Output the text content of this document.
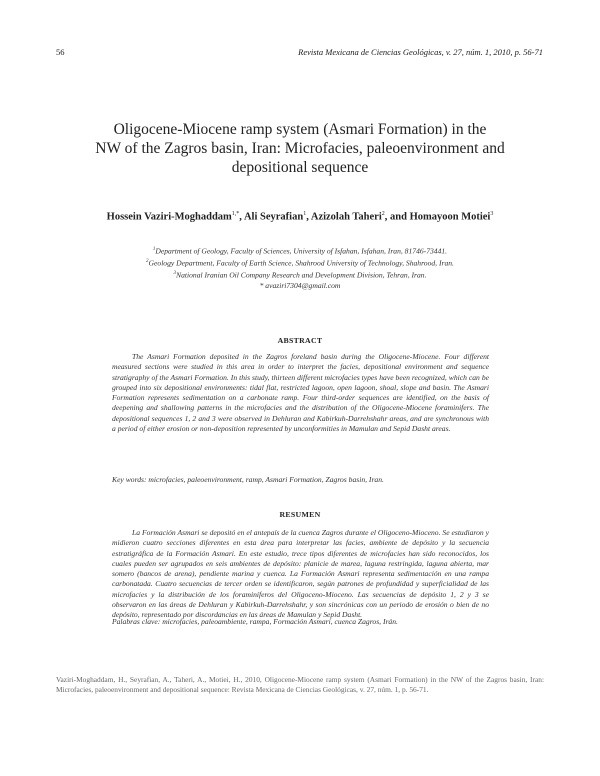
56	Revista Mexicana de Ciencias Geológicas, v. 27, núm. 1, 2010, p. 56-71
Oligocene-Miocene ramp system (Asmari Formation) in the
NW of the Zagros basin, Iran: Microfacies, paleoenvironment and
depositional sequence
Hossein Vaziri-Moghaddam$^{1,*}$, Ali Seyrafian$^1$, Azizolah Taheri$^2$, and Homayoon Motiei$^3$
$^1$Department of Geology, Faculty of Sciences, University of Isfahan, Isfahan, Iran, 81746-73441.
$^2$Geology Department, Faculty of Earth Science, Shahrood University of Technology, Shahrood, Iran.
$^3$National Iranian Oil Company Research and Development Division, Tehran, Iran.
* avaziri7304@gmail.com
ABSTRACT
The Asmari Formation deposited in the Zagros foreland basin during the Oligocene-Miocene. Four different measured sections were studied in this area in order to interpret the facies, depositional environment and sequence stratigraphy of the Asmari Formation. In this study, thirteen different microfacies types have been recognized, which can be grouped into six depositional environments: tidal flat, restricted lagoon, open lagoon, shoal, slope and basin. The Asmari Formation represents sedimentation on a carbonate ramp. Four third-order sequences are identified, on the basis of deepening and shallowing patterns in the microfacies and the distribution of the Oligocene-Miocene foraminifers. The depositional sequences 1, 2 and 3 were observed in Dehluran and Kabirkuh-Darrehshahr areas, and are synchronous with a period of either erosion or non-deposition represented by unconformities in Mamulan and Sepid Dasht areas.
Key words: microfacies, paleoenvironment, ramp, Asmari Formation, Zagros basin, Iran.
RESUMEN
La Formación Asmari se depositó en el antepaís de la cuenca Zagros durante el Oligoceno-Mioceno. Se estudiaron y midieron cuatro secciones diferentes en esta área para interpretar las facies, ambiente de depósito y la secuencia estratigráfica de la Formación Asmari. En este estudio, trece tipos diferentes de microfacies han sido reconocidos, los cuales pueden ser agrupados en seis ambientes de depósito: planicie de marea, laguna restringida, laguna abierta, mar somero (bancos de arena), pendiente marina y cuenca. La Formación Asmari representa sedimentación en una rampa carbonatada. Cuatro secuencias de tercer orden se identificaron, según patrones de profundidad y superficialidad de las microfacies y la distribución de los foraminíferos del Oligoceno-Mioceno. Las secuencias de depósito 1, 2 y 3 se observaron en las áreas de Dehluran y Kabirkuh-Darrehshahr, y son sincrónicas con un periodo de erosión o bien de no depósito, representado por discordancias en las áreas de Mamulan y Sepid Dasht.
Palabras clave: microfacies, paleoambiente, rampa, Formación Asmari, cuenca Zagros, Irán.
Vaziri-Moghaddam, H., Seyrafian, A., Taheri, A., Motiei, H., 2010, Oligocene-Miocene ramp system (Asmari Formation) in the NW of the Zagros basin, Iran: Microfacies, paleoenvironment and depositional sequence: Revista Mexicana de Ciencias Geológicas, v. 27, núm. 1, p. 56-71.
